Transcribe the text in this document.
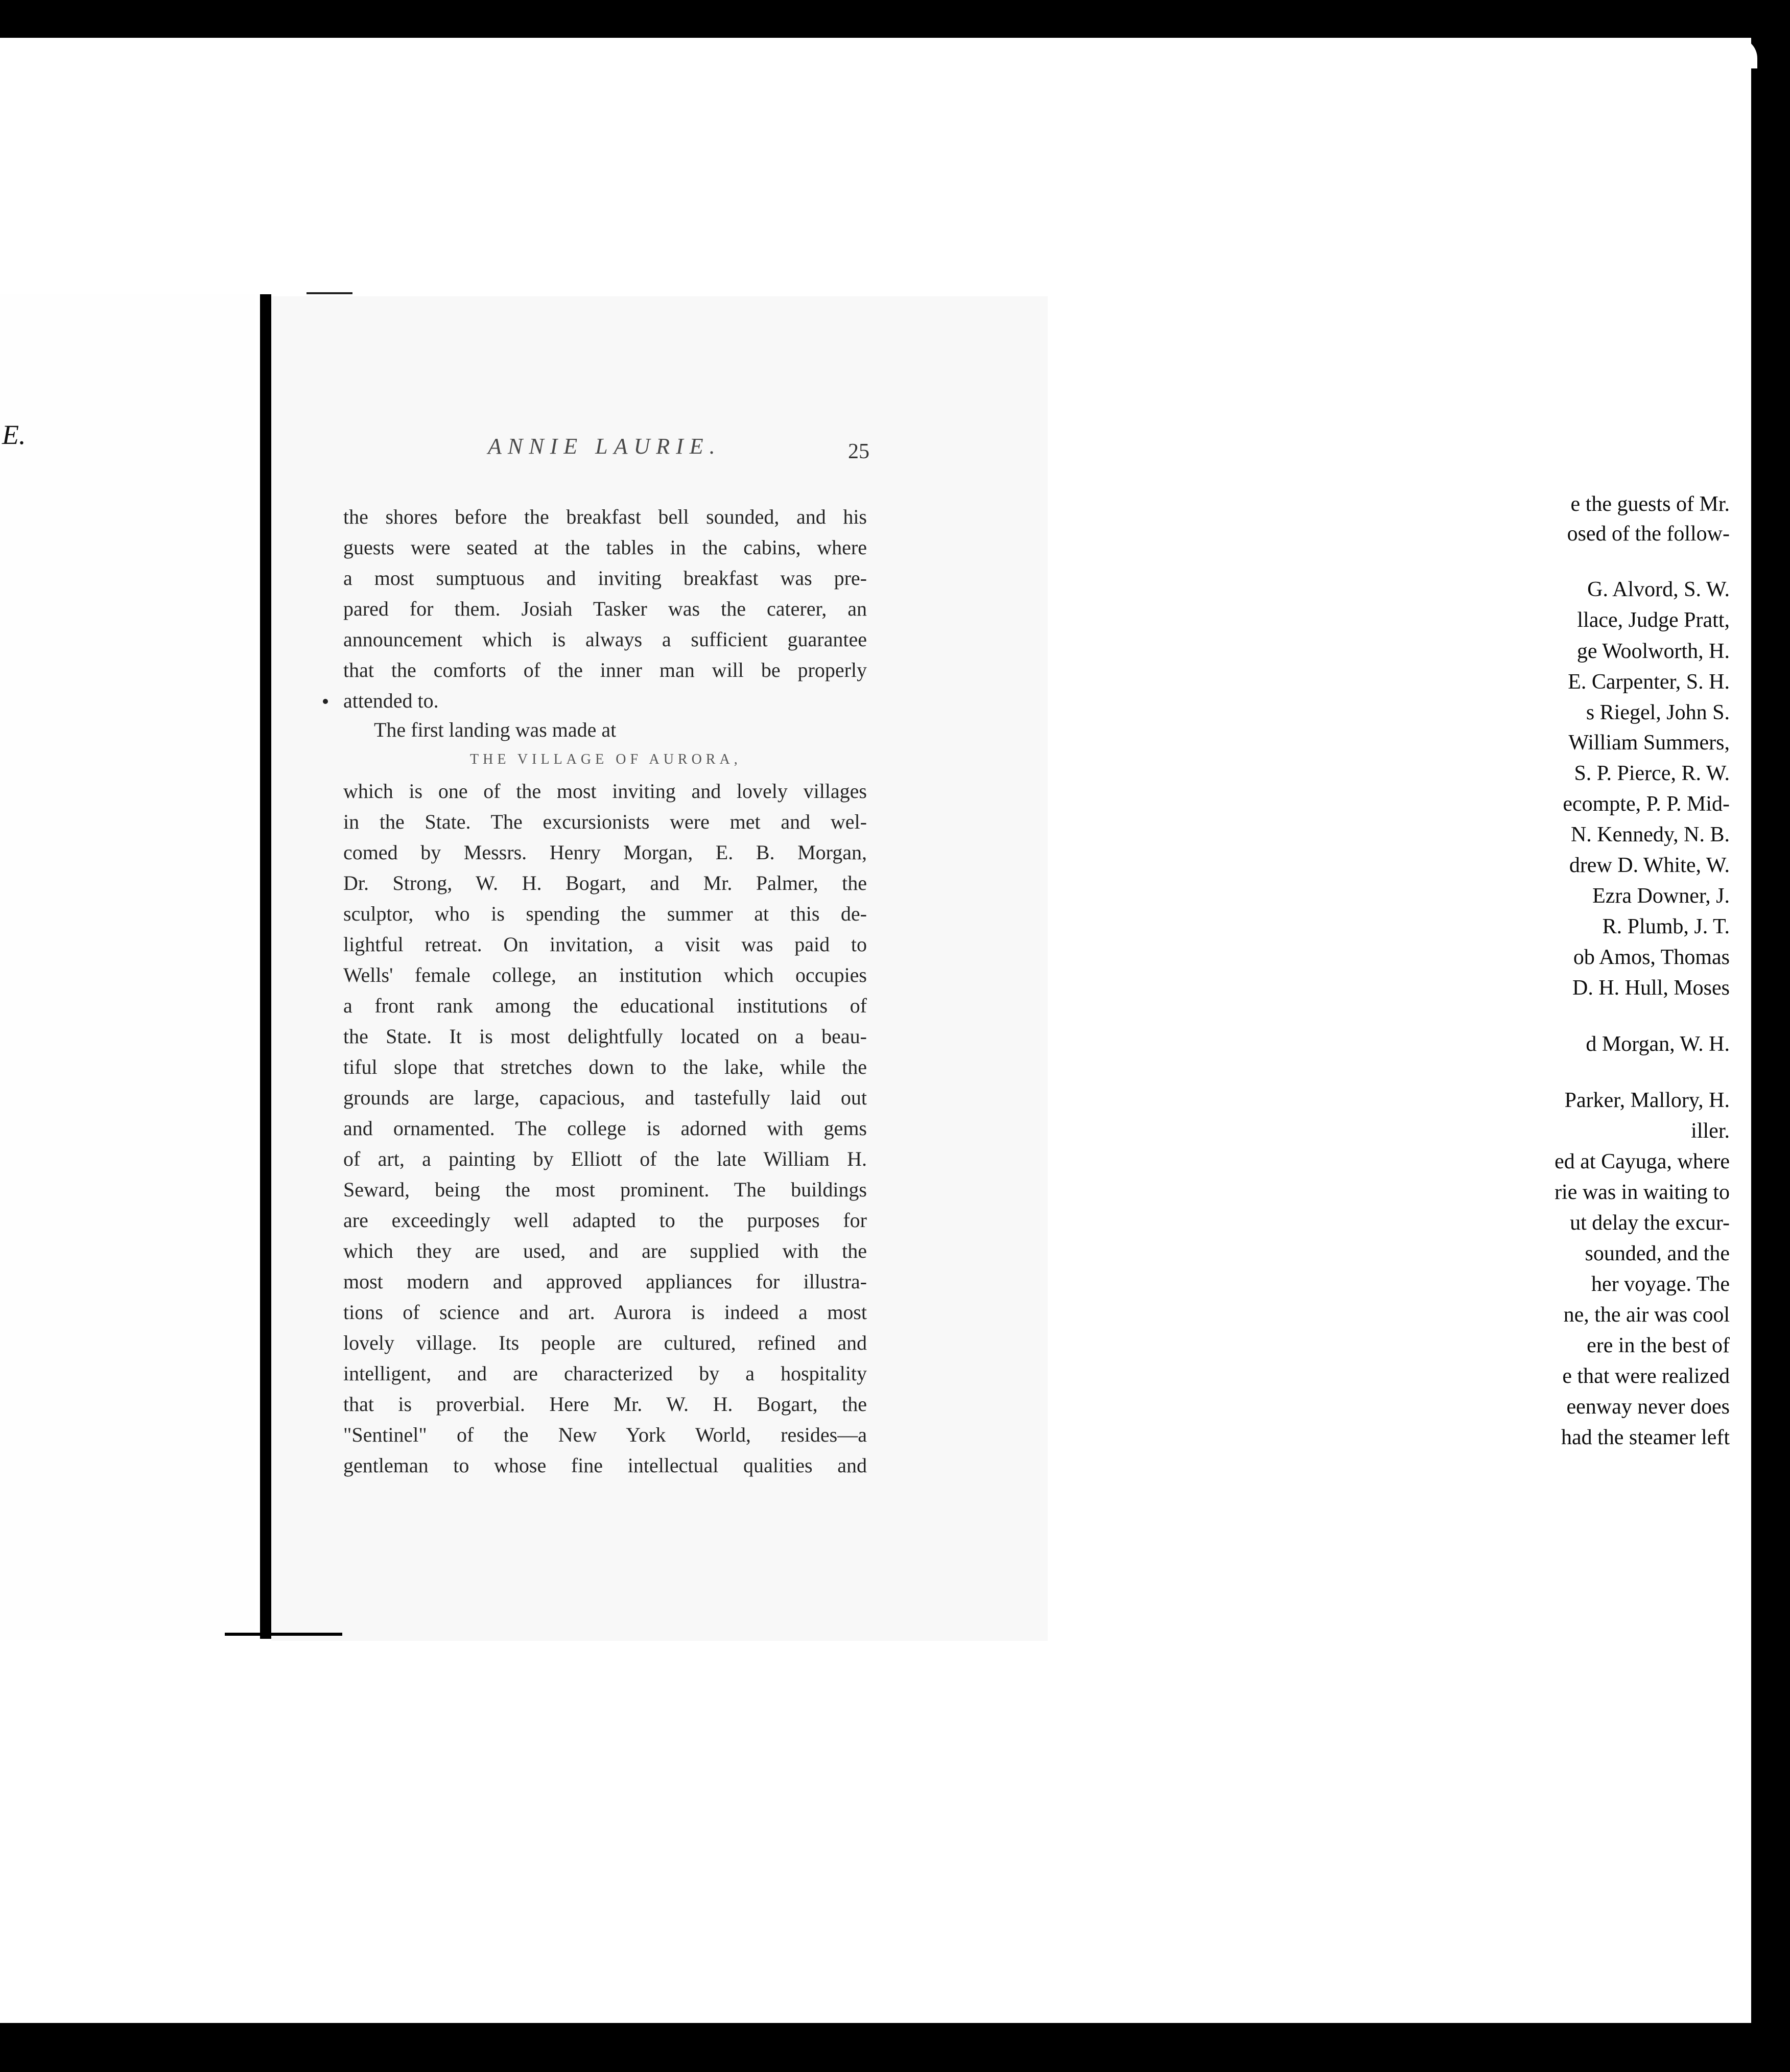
E.
e the guests of Mr.
osed of the follow-
G. Alvord, S. W.
llace, Judge Pratt,
ge Woolworth, H.
E. Carpenter, S. H.
s Riegel, John S.
William Summers,
S. P. Pierce, R. W.
ecompte, P. P. Mid-
N. Kennedy, N. B.
drew D. White, W.
Ezra Downer, J.
R. Plumb, J. T.
ob Amos, Thomas
D. H. Hull, Moses
d Morgan, W. H.
Parker, Mallory, H.
iller.
ed at Cayuga, where
rie was in waiting to
ut delay the excur-
sounded, and the
her voyage. The
ne, the air was cool
ere in the best of
e that were realized
eenway never does
had the steamer left
ANNIE LAURIE.	25
the shores before the breakfast bell sounded, and his
guests were seated at the tables in the cabins, where
a most sumptuous and inviting breakfast was pre-
pared for them. Josiah Tasker was the caterer, an
announcement which is always a sufficient guarantee
that the comforts of the inner man will be properly
attended to.
The first landing was made at
THE VILLAGE OF AURORA,
which is one of the most inviting and lovely villages
in the State. The excursionists were met and wel-
comed by Messrs. Henry Morgan, E. B. Morgan,
Dr. Strong, W. H. Bogart, and Mr. Palmer, the
sculptor, who is spending the summer at this de-
lightful retreat. On invitation, a visit was paid to
Wells' female college, an institution which occupies
a front rank among the educational institutions of
the State. It is most delightfully located on a beau-
tiful slope that stretches down to the lake, while the
grounds are large, capacious, and tastefully laid out
and ornamented. The college is adorned with gems
of art, a painting by Elliott of the late William H.
Seward, being the most prominent. The buildings
are exceedingly well adapted to the purposes for
which they are used, and are supplied with the
most modern and approved appliances for illustra-
tions of science and art. Aurora is indeed a most
lovely village. Its people are cultured, refined and
intelligent, and are characterized by a hospitality
that is proverbial. Here Mr. W. H. Bogart, the
"Sentinel" of the New York World, resides—a
gentleman to whose fine intellectual qualities and
